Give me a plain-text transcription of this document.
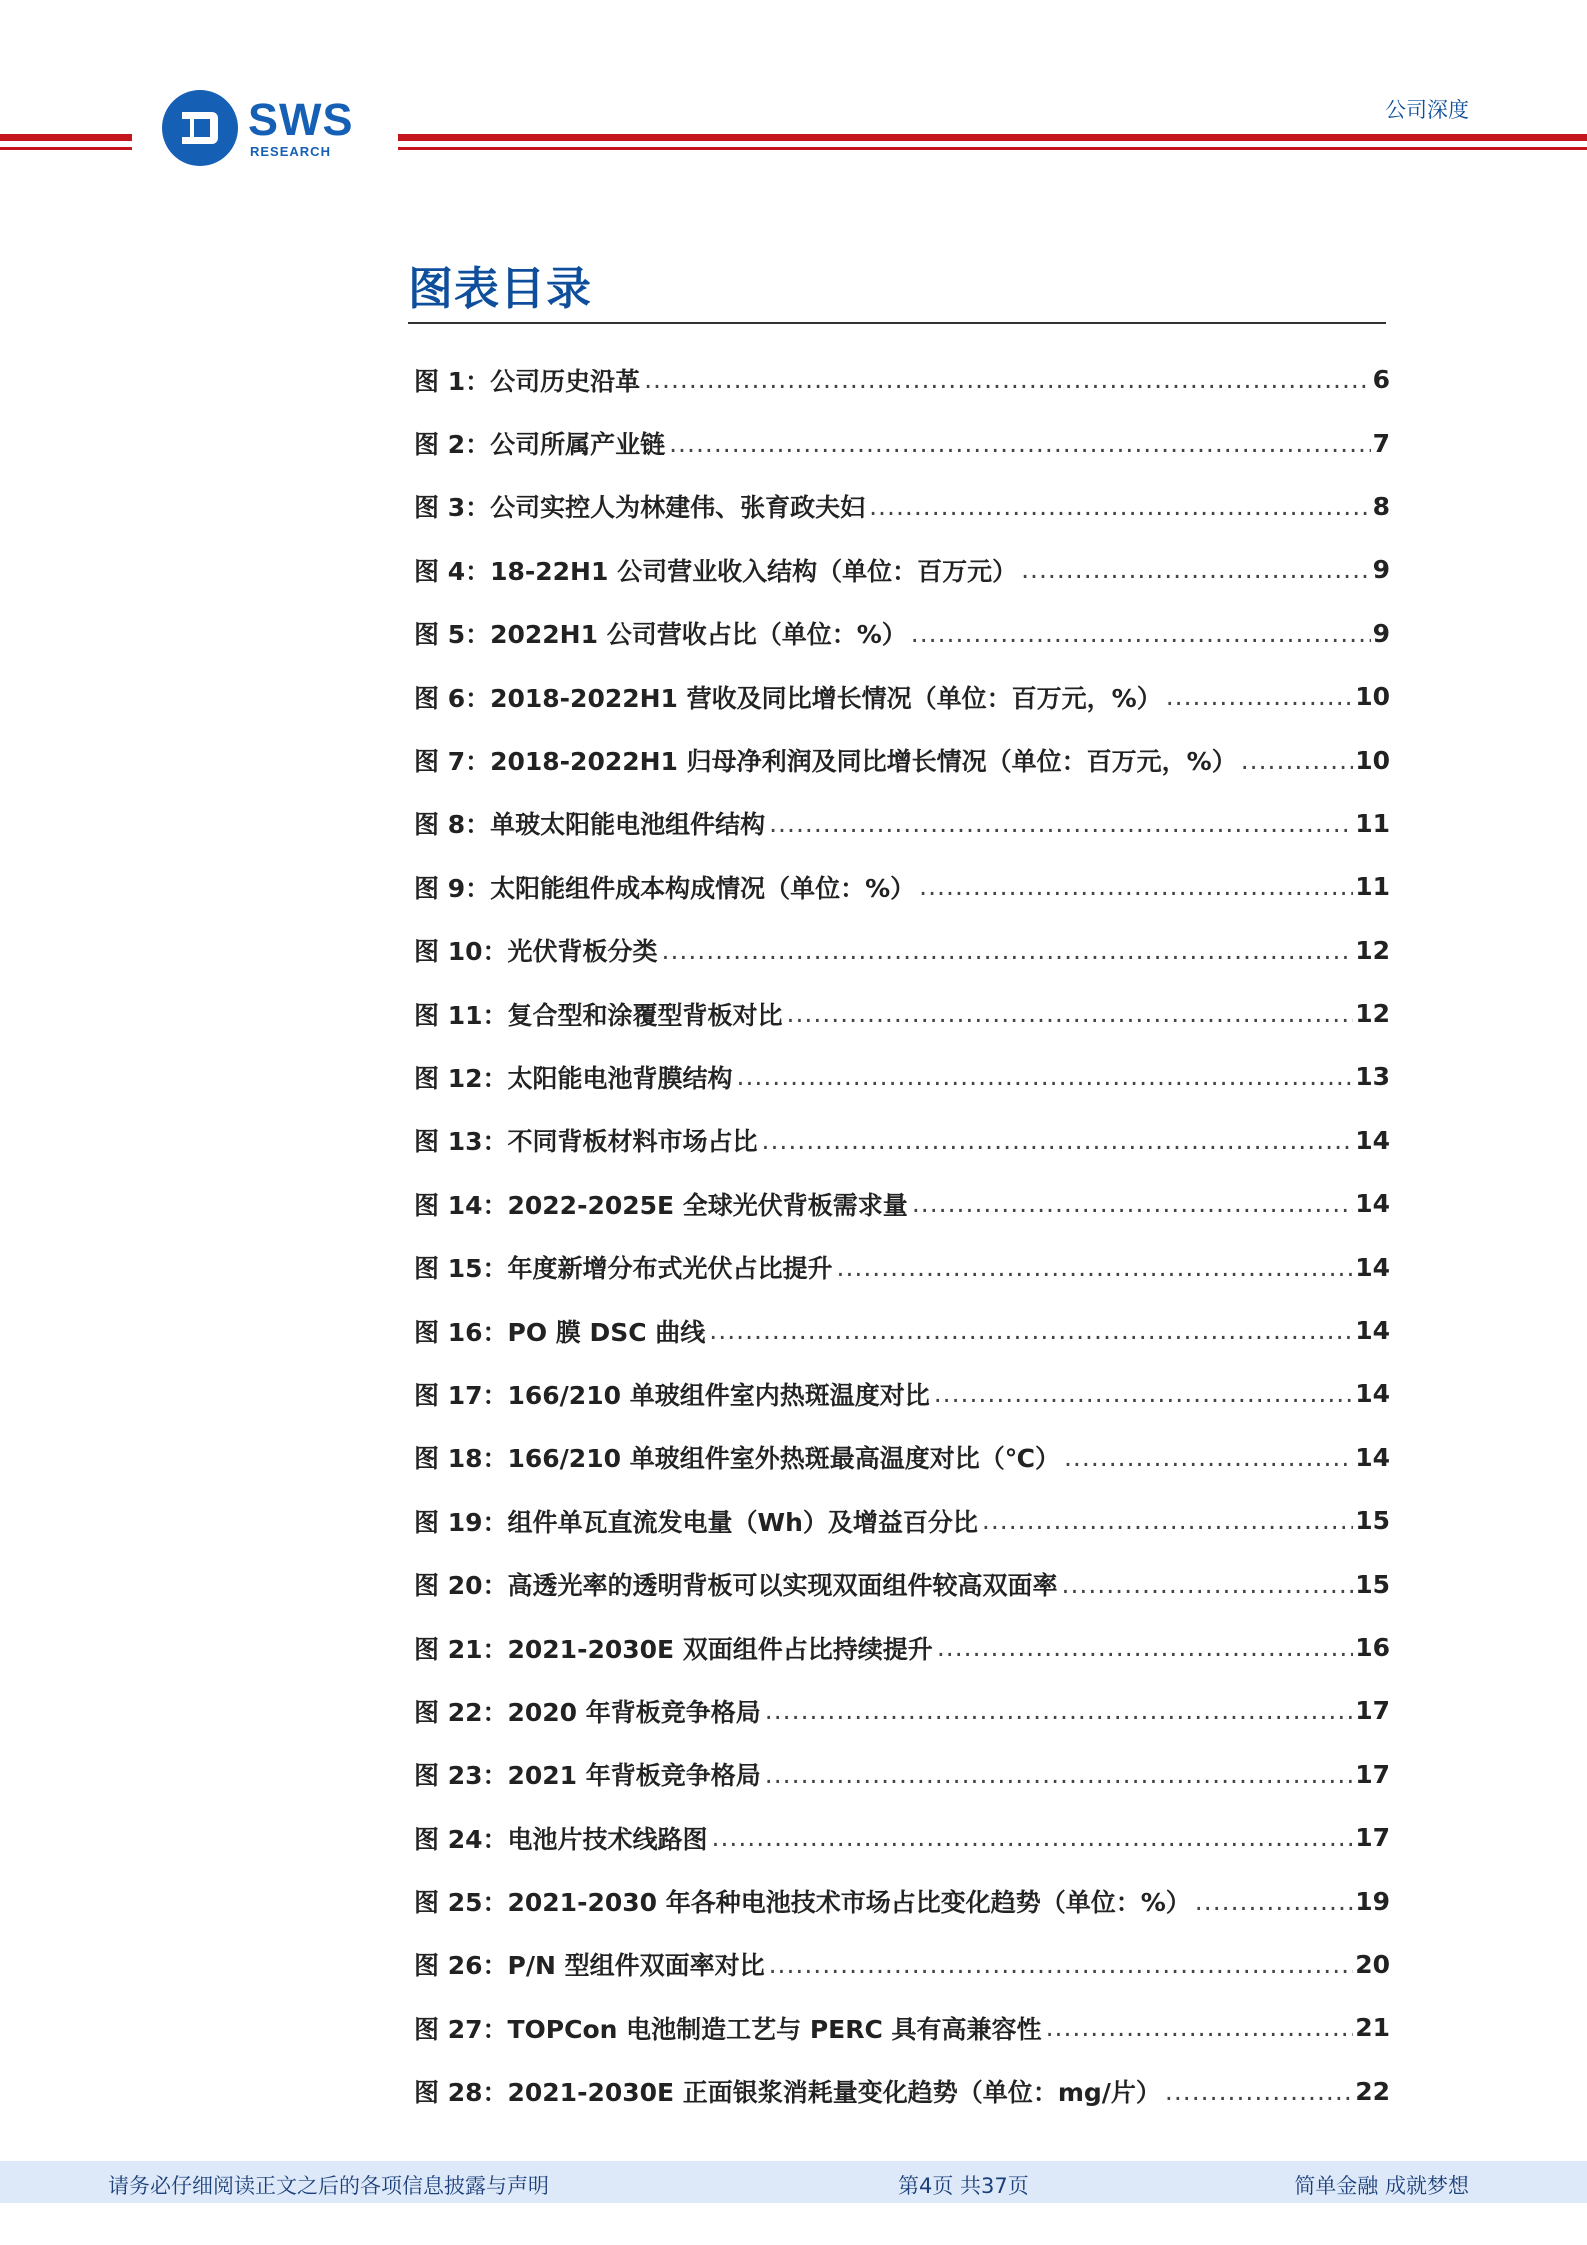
SWS
RESEARCH
公司深度
图表目录
图 1：公司历史沿革 .....	6
图 2：公司所属产业链 .....	7
图 3：公司实控人为林建伟、张育政夫妇 .....	8
图 4：18-22H1 公司营业收入结构（单位：百万元） .....	9
图 5：2022H1 公司营收占比（单位：%） .....	9
图 6：2018-2022H1 营收及同比增长情况（单位：百万元，%） .....	10
图 7：2018-2022H1 归母净利润及同比增长情况（单位：百万元，%） .....	10
图 8：单玻太阳能电池组件结构 .....	11
图 9：太阳能组件成本构成情况（单位：%） .....	11
图 10：光伏背板分类 .....	12
图 11：复合型和涂覆型背板对比 .....	12
图 12：太阳能电池背膜结构 .....	13
图 13：不同背板材料市场占比 .....	14
图 14：2022-2025E 全球光伏背板需求量 .....	14
图 15：年度新增分布式光伏占比提升 .....	14
图 16：PO 膜 DSC 曲线 .....	14
图 17：166/210 单玻组件室内热斑温度对比 .....	14
图 18：166/210 单玻组件室外热斑最高温度对比（℃） .....	14
图 19：组件单瓦直流发电量（Wh）及增益百分比 .....	15
图 20：高透光率的透明背板可以实现双面组件较高双面率 .....	15
图 21：2021-2030E 双面组件占比持续提升 .....	16
图 22：2020 年背板竞争格局 .....	17
图 23：2021 年背板竞争格局 .....	17
图 24：电池片技术线路图 .....	17
图 25：2021-2030 年各种电池技术市场占比变化趋势（单位：%） .....	19
图 26：P/N 型组件双面率对比 .....	20
图 27：TOPCon 电池制造工艺与 PERC 具有高兼容性 .....	21
图 28：2021-2030E 正面银浆消耗量变化趋势（单位：mg/片） .....	22
请务必仔细阅读正文之后的各项信息披露与声明	第4页 共37页	简单金融 成就梦想
